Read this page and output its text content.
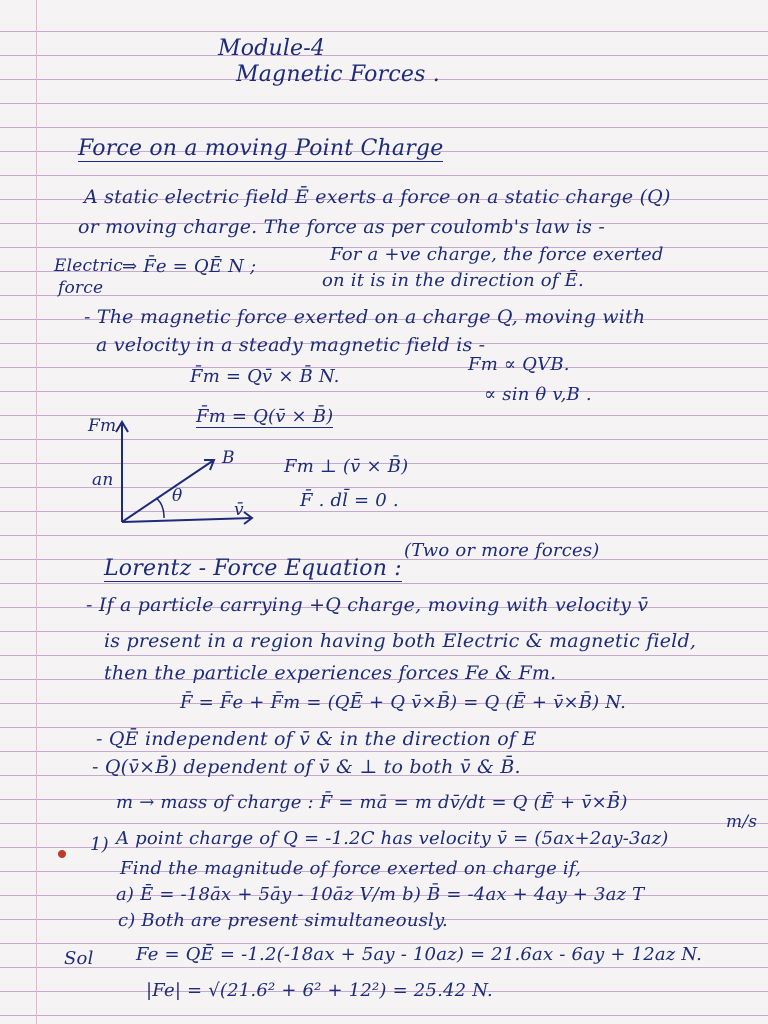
Module-4
Magnetic Forces .
Force on a moving Point Charge
A static electric field Ē exerts a force on a static charge (Q)
or moving charge. The force as per coulomb's law is -
Electric
force
⇒ F̄e = QĒ N ;
For a +ve charge, the force exerted
on it is in the direction of Ē.
- The magnetic force exerted on a charge Q, moving with
a velocity in a steady magnetic field is -
F̄m = Qv̄ × B̄ N.
Fm ∝ QVB.
∝ sin θ v,B .
F̄m = Q(v̄ × B̄)
Fm
B
v̄
an
θ
Fm ⊥ (v̄ × B̄)
F̄ . dl̄ = 0 .
Lorentz - Force Equation :
(Two or more forces)
- If a particle carrying +Q charge, moving with velocity v̄
is present in a region having both Electric & magnetic field,
then the particle experiences forces Fe & Fm.
F̄ = F̄e + F̄m = (QĒ + Q v̄×B̄) = Q (Ē + v̄×B̄) N.
- QĒ independent of v̄ & in the direction of E
- Q(v̄×B̄) dependent of v̄ & ⊥ to both v̄ & B̄.
m → mass of charge : F̄ = mā = m dv̄/dt = Q (Ē + v̄×B̄)
m/s
1) A point charge of Q = -1.2C has velocity v̄ = (5ax+2ay-3az)
Find the magnitude of force exerted on charge if,
a) Ē = -18āx + 5āy - 10āz V/m b) B̄ = -4ax + 4ay + 3az T
c) Both are present simultaneously.
Sol Fe = QĒ = -1.2(-18ax + 5ay - 10az) = 21.6ax - 6ay + 12az N.
|Fe| = √(21.6² + 6² + 12²) = 25.42 N.
